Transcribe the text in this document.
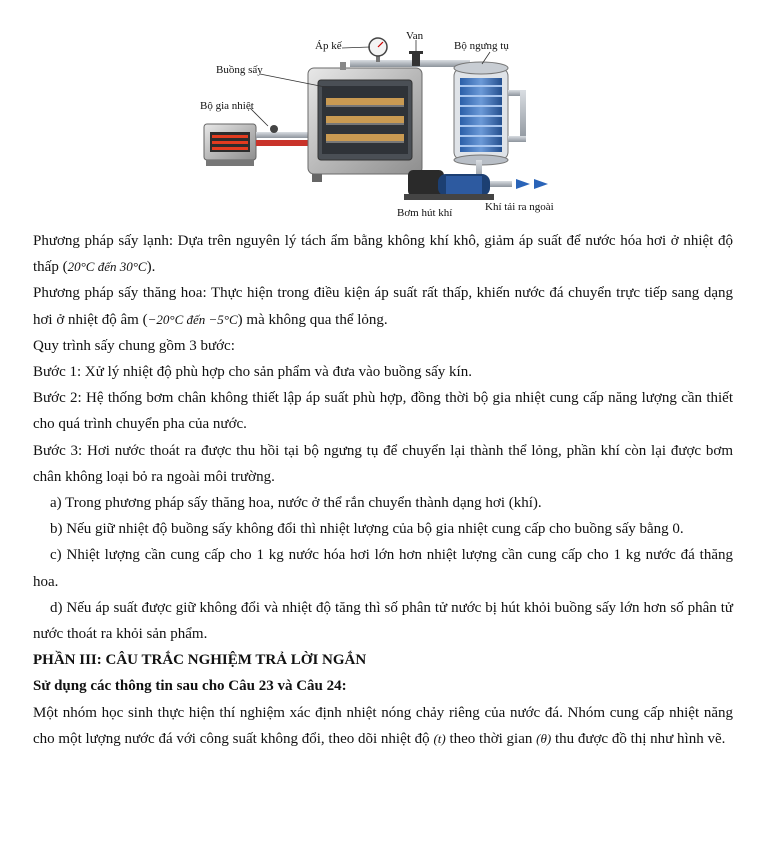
Áp kế
Van
Bộ ngưng tụ
Buồng sấy
Bộ gia nhiệt
Bơm hút khí	Khí tải ra ngoài

Phương pháp sấy lạnh: Dựa trên nguyên lý tách ẩm bằng không khí khô, giảm áp suất để nước hóa hơi ở nhiệt độ thấp (20°C đến 30°C).

Phương pháp sấy thăng hoa: Thực hiện trong điều kiện áp suất rất thấp, khiến nước đá chuyển trực tiếp sang dạng hơi ở nhiệt độ âm (−20°C đến −5°C) mà không qua thể lỏng.

Quy trình sấy chung gồm 3 bước:

Bước 1: Xử lý nhiệt độ phù hợp cho sản phẩm và đưa vào buồng sấy kín.

Bước 2: Hệ thống bơm chân không thiết lập áp suất phù hợp, đồng thời bộ gia nhiệt cung cấp năng lượng cần thiết cho quá trình chuyển pha của nước.

Bước 3: Hơi nước thoát ra được thu hồi tại bộ ngưng tụ để chuyển lại thành thể lỏng, phần khí còn lại được bơm chân không loại bỏ ra ngoài môi trường.

a) Trong phương pháp sấy thăng hoa, nước ở thể rắn chuyển thành dạng hơi (khí).

b) Nếu giữ nhiệt độ buồng sấy không đổi thì nhiệt lượng của bộ gia nhiệt cung cấp cho buồng sấy bằng 0.

c) Nhiệt lượng cần cung cấp cho 1 kg nước hóa hơi lớn hơn nhiệt lượng cần cung cấp cho 1 kg nước đá thăng hoa.

d) Nếu áp suất được giữ không đổi và nhiệt độ tăng thì số phân tử nước bị hút khỏi buồng sấy lớn hơn số phân tử nước thoát ra khỏi sản phẩm.

PHẦN III: CÂU TRẮC NGHIỆM TRẢ LỜI NGẮN

Sử dụng các thông tin sau cho Câu 23 và Câu 24:

Một nhóm học sinh thực hiện thí nghiệm xác định nhiệt nóng chảy riêng của nước đá. Nhóm cung cấp nhiệt năng cho một lượng nước đá với công suất không đổi, theo dõi nhiệt độ (t) theo thời gian (θ) thu được đồ thị như hình vẽ.
